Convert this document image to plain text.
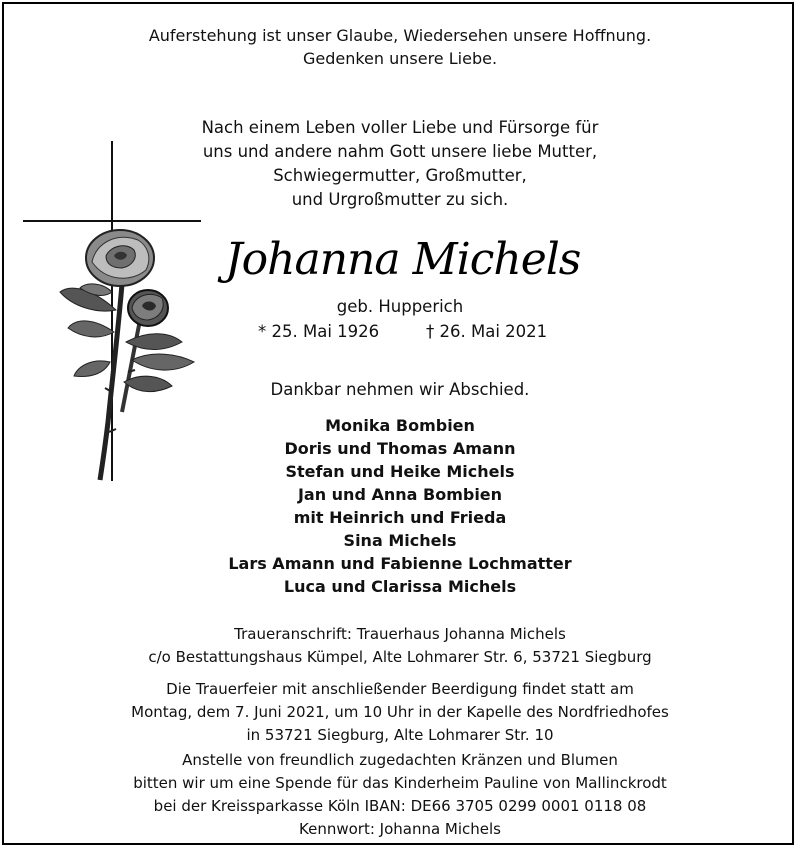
Auferstehung ist unser Glaube, Wiedersehen unsere Hoffnung.
Gedenken unsere Liebe.
Nach einem Leben voller Liebe und Fürsorge für
uns und andere nahm Gott unsere liebe Mutter,
Schwiegermutter, Großmutter,
und Urgroßmutter zu sich.
Johanna Michels
geb. Hupperich
* 25. Mai 1926	† 26. Mai 2021
Dankbar nehmen wir Abschied.
Monika Bombien
Doris und Thomas Amann
Stefan und Heike Michels
Jan und Anna Bombien
mit Heinrich und Frieda
Sina Michels
Lars Amann und Fabienne Lochmatter
Luca und Clarissa Michels
Traueranschrift: Trauerhaus Johanna Michels
c/o Bestattungshaus Kümpel, Alte Lohmarer Str. 6, 53721 Siegburg
Die Trauerfeier mit anschließender Beerdigung findet statt am
Montag, dem 7. Juni 2021, um 10 Uhr in der Kapelle des Nordfriedhofes
in 53721 Siegburg, Alte Lohmarer Str. 10
Anstelle von freundlich zugedachten Kränzen und Blumen
bitten wir um eine Spende für das Kinderheim Pauline von Mallinckrodt
bei der Kreissparkasse Köln IBAN: DE66 3705 0299 0001 0118 08
Kennwort: Johanna Michels
